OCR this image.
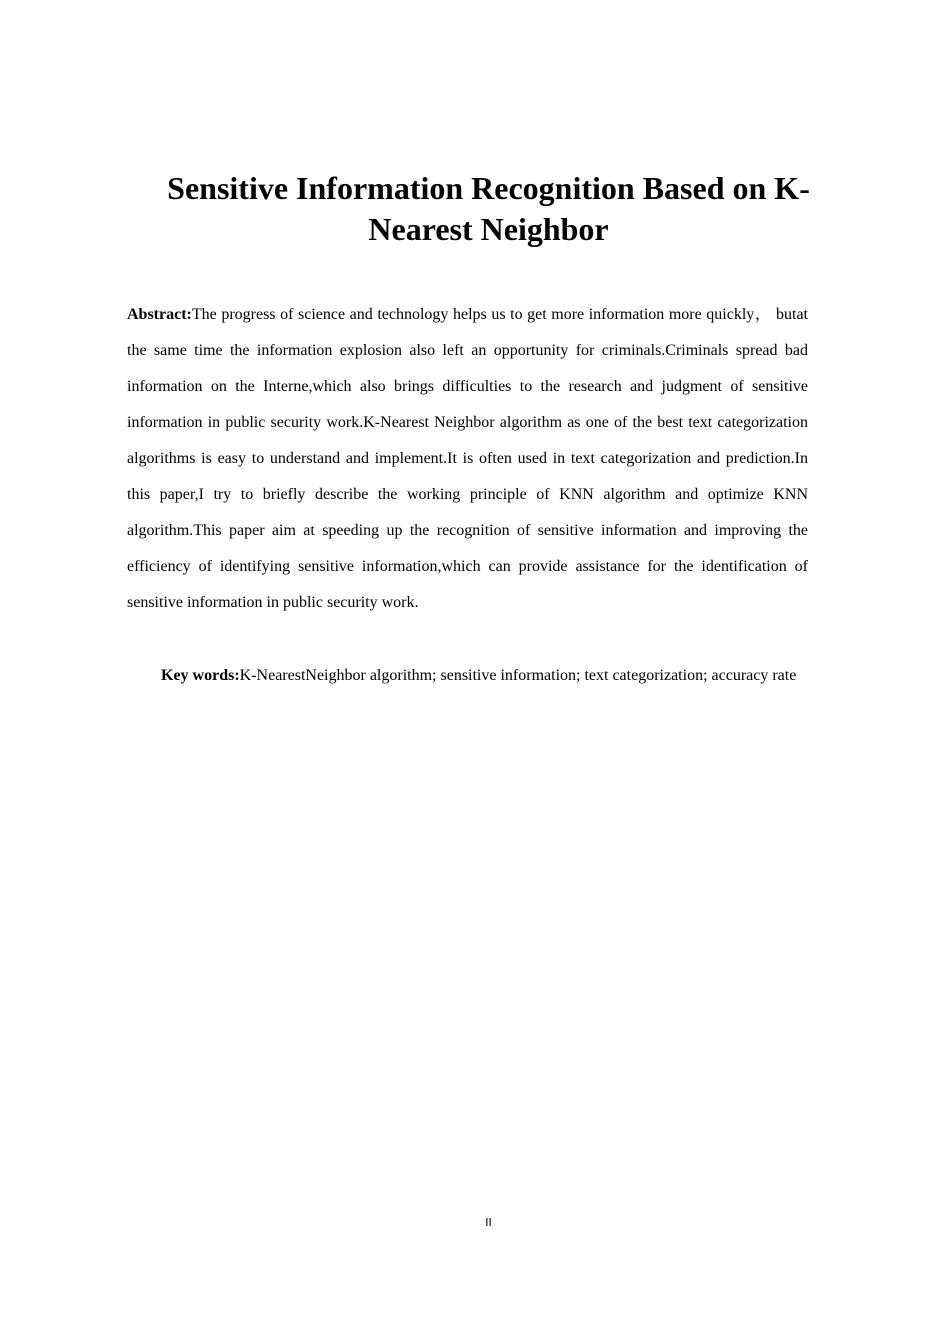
Sensitive Information Recognition Based on K-Nearest Neighbor

Abstract:The progress of science and technology helps us to get more information more quickly， butat the same time the information explosion also left an opportunity for criminals.Criminals spread bad information on the Interne,which also brings difficulties to the research and judgment of sensitive information in public security work.K-Nearest Neighbor algorithm as one of the best text categorization algorithms is easy to understand and implement.It is often used in text categorization and prediction.In this paper,I try to briefly describe the working principle of KNN algorithm and optimize KNN algorithm.This paper aim at speeding up the recognition of sensitive information and improving the efficiency of identifying sensitive information,which can provide assistance for the identification of sensitive information in public security work.

Key words:K-NearestNeighbor algorithm; sensitive information; text categorization; accuracy rate

II
